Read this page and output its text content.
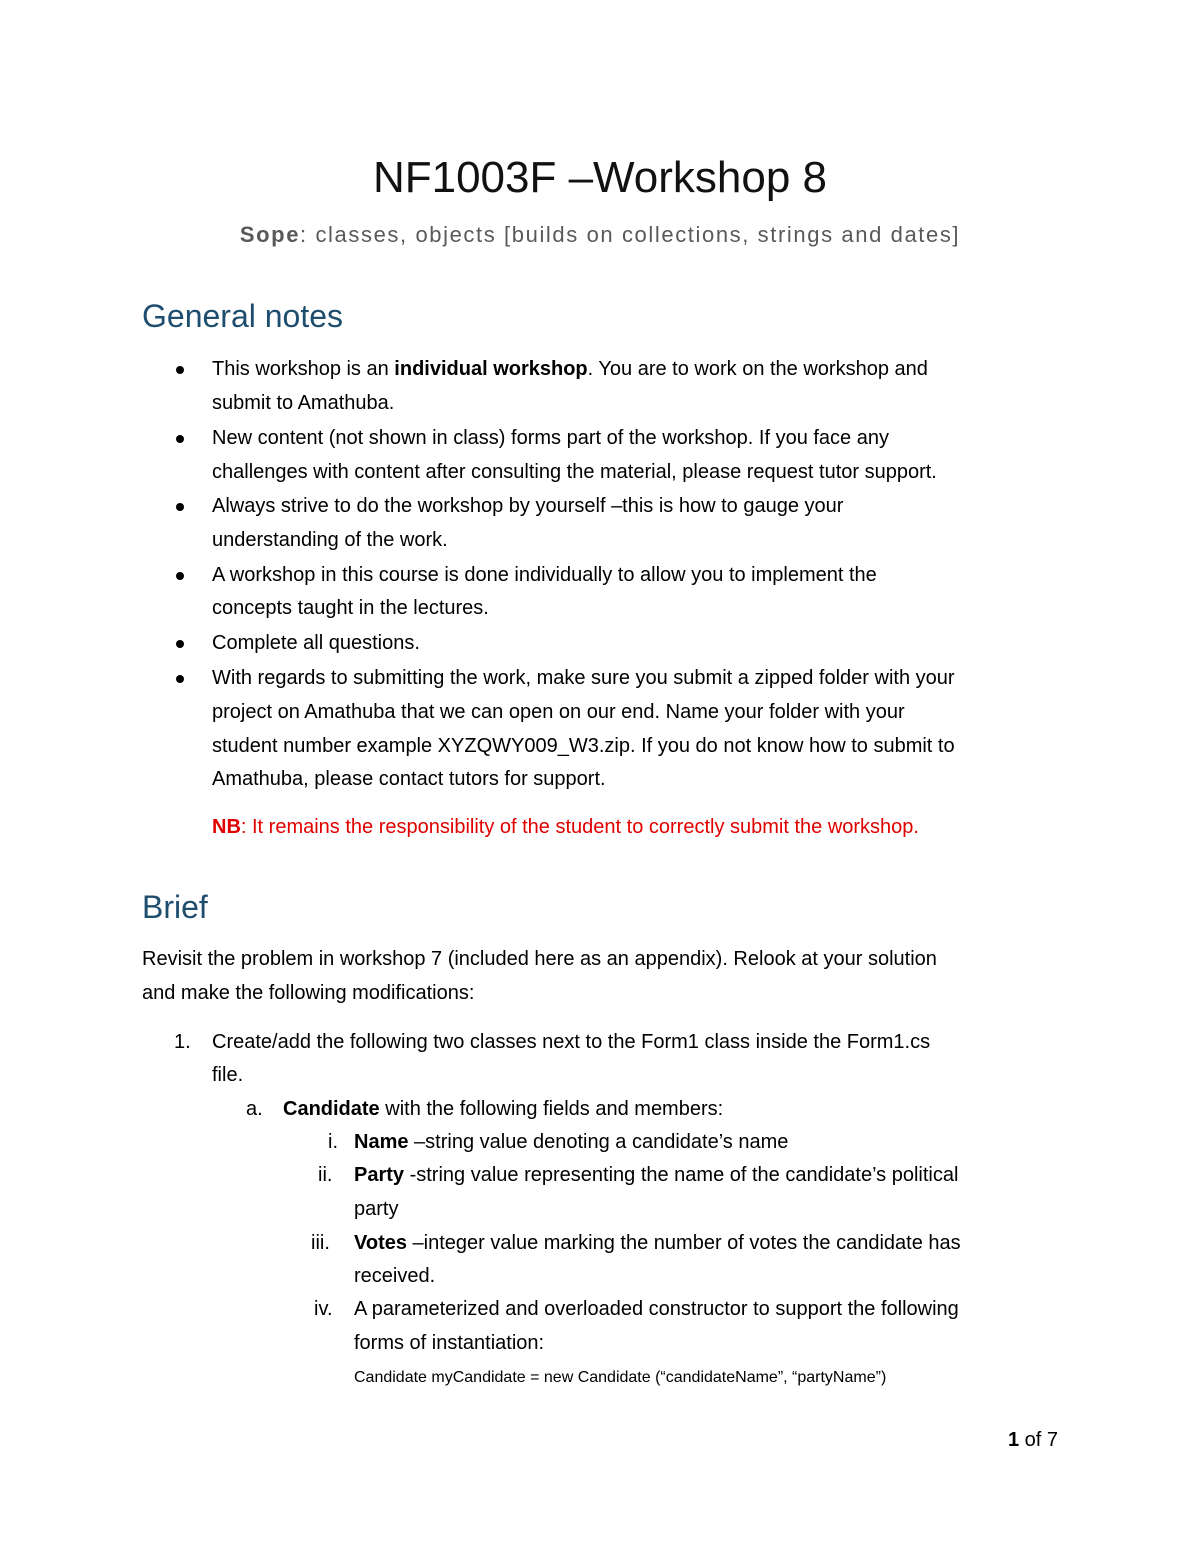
NF1003F –Workshop 8
Sope: classes, objects [builds on collections, strings and dates]
General notes
This workshop is an individual workshop. You are to work on the workshop and
submit to Amathuba.
New content (not shown in class) forms part of the workshop. If you face any
challenges with content after consulting the material, please request tutor support.
Always strive to do the workshop by yourself –this is how to gauge your
understanding of the work.
A workshop in this course is done individually to allow you to implement the
concepts taught in the lectures.
Complete all questions.
With regards to submitting the work, make sure you submit a zipped folder with your
project on Amathuba that we can open on our end. Name your folder with your
student number example XYZQWY009_W3.zip. If you do not know how to submit to
Amathuba, please contact tutors for support.
NB: It remains the responsibility of the student to correctly submit the workshop.
Brief
Revisit the problem in workshop 7 (included here as an appendix). Relook at your solution
and make the following modifications:
1. Create/add the following two classes next to the Form1 class inside the Form1.cs
file.
a. Candidate with the following fields and members:
i. Name –string value denoting a candidate’s name
ii. Party -string value representing the name of the candidate’s political
party
iii. Votes –integer value marking the number of votes the candidate has
received.
iv. A parameterized and overloaded constructor to support the following
forms of instantiation:
Candidate myCandidate = new Candidate (“candidateName”, “partyName”)
1 of 7
